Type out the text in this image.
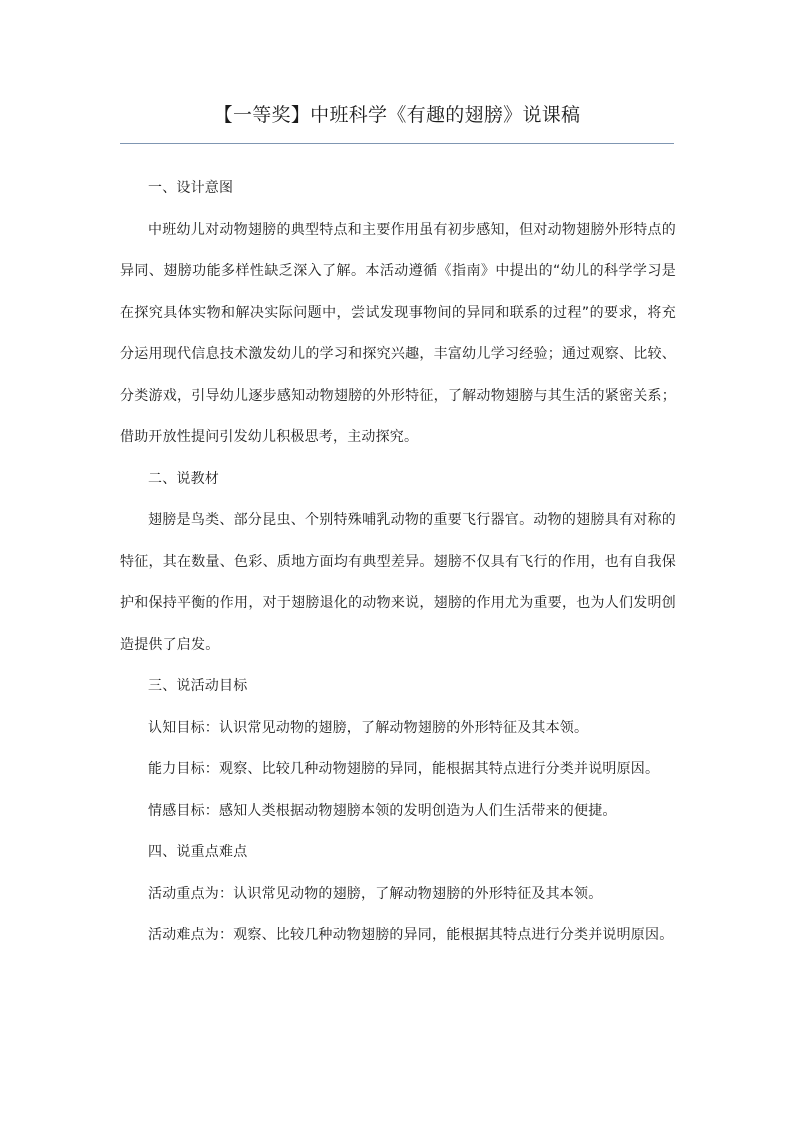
【一等奖】中班科学《有趣的翅膀》说课稿

一、设计意图

中班幼儿对动物翅膀的典型特点和主要作用虽有初步感知，但对动物翅膀外形特点的异同、翅膀功能多样性缺乏深入了解。本活动遵循《指南》中提出的“幼儿的科学学习是在探究具体实物和解决实际问题中，尝试发现事物间的异同和联系的过程”的要求，将充分运用现代信息技术激发幼儿的学习和探究兴趣，丰富幼儿学习经验；通过观察、比较、分类游戏，引导幼儿逐步感知动物翅膀的外形特征，了解动物翅膀与其生活的紧密关系；借助开放性提问引发幼儿积极思考，主动探究。

二、说教材

翅膀是鸟类、部分昆虫、个别特殊哺乳动物的重要飞行器官。动物的翅膀具有对称的特征，其在数量、色彩、质地方面均有典型差异。翅膀不仅具有飞行的作用，也有自我保护和保持平衡的作用，对于翅膀退化的动物来说，翅膀的作用尤为重要，也为人们发明创造提供了启发。

三、说活动目标

认知目标：认识常见动物的翅膀，了解动物翅膀的外形特征及其本领。

能力目标：观察、比较几种动物翅膀的异同，能根据其特点进行分类并说明原因。

情感目标：感知人类根据动物翅膀本领的发明创造为人们生活带来的便捷。

四、说重点难点

活动重点为：认识常见动物的翅膀，了解动物翅膀的外形特征及其本领。

活动难点为：观察、比较几种动物翅膀的异同，能根据其特点进行分类并说明原因。
